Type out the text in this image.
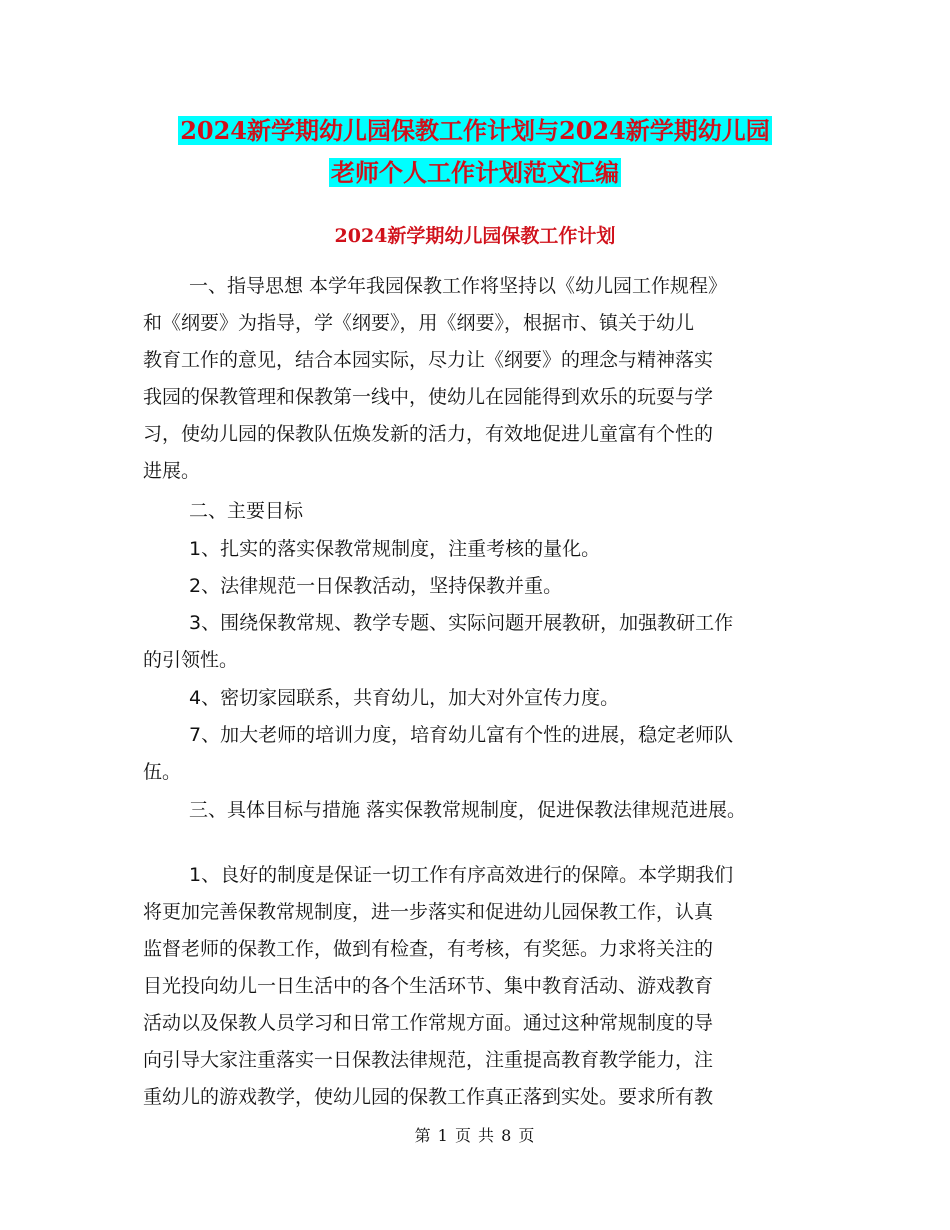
2024新学期幼儿园保教工作计划与2024新学期幼儿园
老师个人工作计划范文汇编
2024新学期幼儿园保教工作计划
一、指导思想 本学年我园保教工作将坚持以《幼儿园工作规程》
和《纲要》为指导，学《纲要》，用《纲要》，根据市、镇关于幼儿
教育工作的意见，结合本园实际，尽力让《纲要》的理念与精神落实
我园的保教管理和保教第一线中，使幼儿在园能得到欢乐的玩耍与学
习，使幼儿园的保教队伍焕发新的活力，有效地促进儿童富有个性的
进展。
二、主要目标
1、扎实的落实保教常规制度，注重考核的量化。
2、法律规范一日保教活动，坚持保教并重。
3、围绕保教常规、教学专题、实际问题开展教研，加强教研工作
的引领性。
4、密切家园联系，共育幼儿，加大对外宣传力度。
7、加大老师的培训力度，培育幼儿富有个性的进展，稳定老师队
伍。
三、具体目标与措施 落实保教常规制度，促进保教法律规范进展。
1、良好的制度是保证一切工作有序高效进行的保障。本学期我们
将更加完善保教常规制度，进一步落实和促进幼儿园保教工作，认真
监督老师的保教工作，做到有检查，有考核，有奖惩。力求将关注的
目光投向幼儿一日生活中的各个生活环节、集中教育活动、游戏教育
活动以及保教人员学习和日常工作常规方面。通过这种常规制度的导
向引导大家注重落实一日保教法律规范，注重提高教育教学能力，注
重幼儿的游戏教学，使幼儿园的保教工作真正落到实处。要求所有教
第 1 页 共 8 页
